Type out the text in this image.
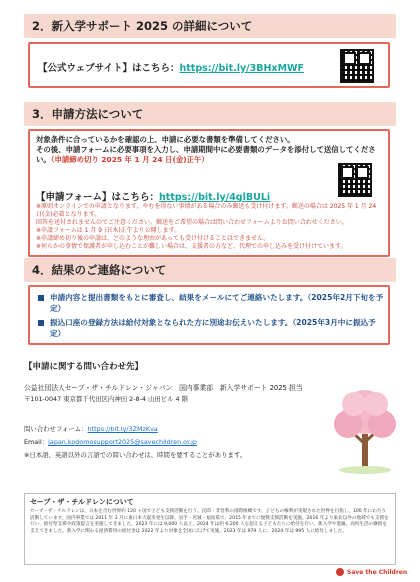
2．新入学サポート 2025 の詳細について
【公式ウェブサイト】はこちら：https://bit.ly/3BHxMWF
3．申請方法について
対象条件に合っているかを確認の上、申請に必要な書類を準備してください。
その後、申請フォームに必要事項を入力し、申請期間中に必要書類のデータを添付して送信してください。（申請締め切り 2025 年 1 月 24 日(金)正午）
【申請フォーム】はこちら：https://bit.ly/4glBULi
※原則オンラインでの申請となります。やむを得ない事情がある場合のみ郵送も受け付けます。郵送の場合は 2025 年 1 月 24 日(金)必着となります。
回答を送付されませんのでご注意ください。郵送をご希望の場合は問い合わせフォームよりお問い合わせください。
※申請フォームは 1 月 9 日(木)正午より公開します。
※申請締め切り後の申請は、どのような理由があっても受け付けることはできません。
※何らかの事情で保護者が申し込むことが難しい場合は、支援者の方など、代理での申し込みを受け付けています。
4．結果のご連絡について
申請内容と提出書類をもとに審査し、結果をメールにてご連絡いたします。（2025年2月下旬を予定）
振込口座の登録方法は給付対象となられた方に別途お伝えいたします。（2025年3月中に振込予定）
【申請に関する問い合わせ先】
公益社団法人セーブ・ザ・チルドレン・ジャパン　国内事業部　新入学サポート 2025 担当
〒101-0047 東京都千代田区内神田 2-8-4 山田ビル 4 階
問い合わせフォーム：https://bit.ly/3ZMzKva
Email：japan.kodomosupport2025@savechildren.or.jp
※日本語、英語以外の言語での問い合わせは、時間を要することがあります。
セーブ・ザ・チルドレンについて
セーブ・ザ・チルドレンは、日本を含む世界約 120 ヶ国で子ども支援活動を行う、民間・非営利の国際組織です。子どもの権利が実現された世界を目指し、100 年にわたり活動しています。国内事業では 2011 年 3 月に東日本大震災発生以降、岩手・宮城・福島県で、2015 年までに復興支援活動を実施。2016 年より東北以外の地域でも支援を行い、給付型支援や政策提言を実施してきました。2023 年には 9,000 人以上、2024 年は約 6,200 人を超える子どもたちに給付を行い、新入学や進級、高校生活の継続を支えてきました。新入学に関わる経済費用の給付金は 2022 年より対象を全国に広げて実施。2023 年は 979 人に、2024 年は 995 人に給付しました。
Save the Children
